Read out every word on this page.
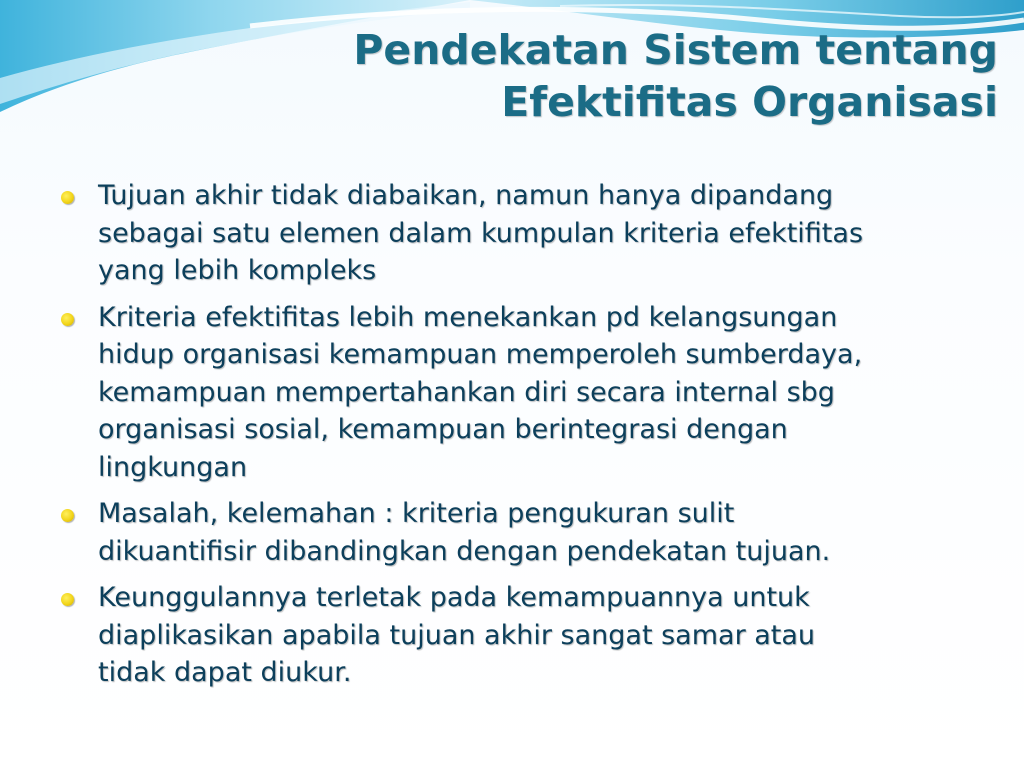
Pendekatan Sistem tentang
Efektifitas Organisasi
Tujuan akhir tidak diabaikan, namun hanya dipandang
sebagai satu elemen dalam kumpulan kriteria efektifitas
yang lebih kompleks
Kriteria efektifitas lebih menekankan pd kelangsungan
hidup organisasi kemampuan memperoleh sumberdaya,
kemampuan mempertahankan diri secara internal sbg
organisasi sosial, kemampuan berintegrasi dengan
lingkungan
Masalah, kelemahan : kriteria pengukuran sulit
dikuantifisir dibandingkan dengan pendekatan tujuan.
Keunggulannya terletak pada kemampuannya untuk
diaplikasikan apabila tujuan akhir sangat samar atau
tidak dapat diukur.
